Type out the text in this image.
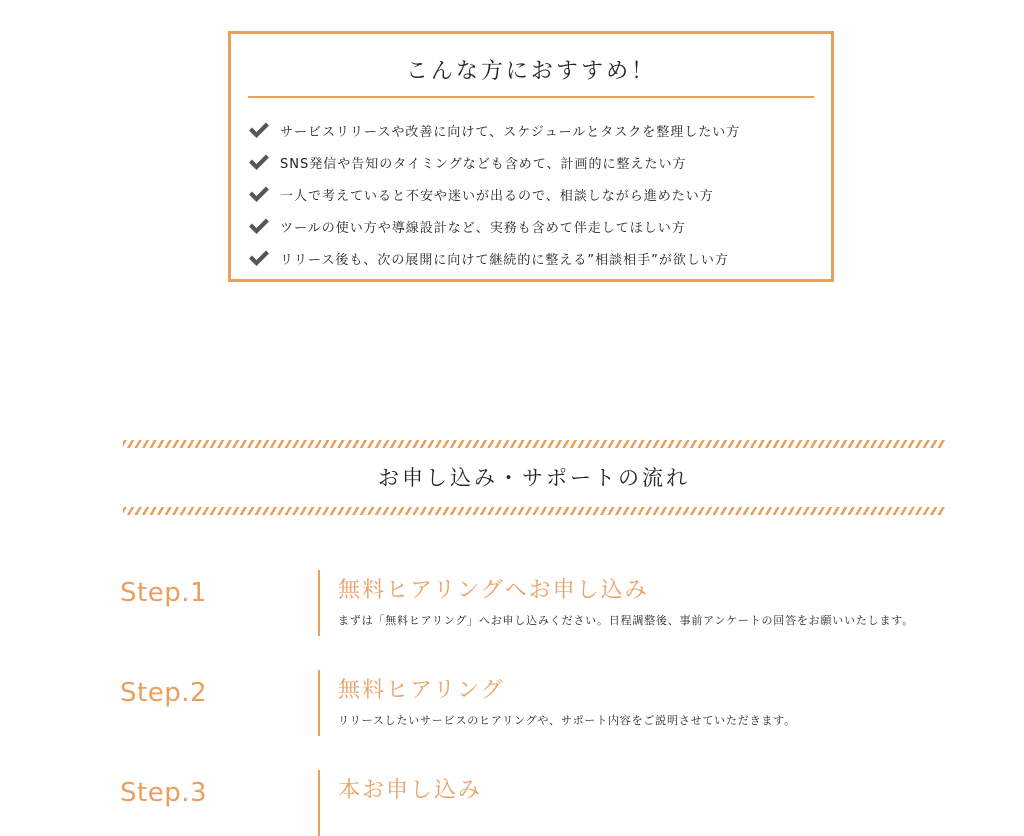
こんな方におすすめ！
サービスリリースや改善に向けて、スケジュールとタスクを整理したい方
SNS発信や告知のタイミングなども含めて、計画的に整えたい方
一人で考えていると不安や迷いが出るので、相談しながら進めたい方
ツールの使い方や導線設計など、実務も含めて伴走してほしい方
リリース後も、次の展開に向けて継続的に整える”相談相手”が欲しい方
お申し込み・サポートの流れ
Step.1	無料ヒアリングへお申し込み
まずは「無料ヒアリング」へお申し込みください。日程調整後、事前アンケートの回答をお願いいたします。
Step.2	無料ヒアリング
リリースしたいサービスのヒアリングや、サポート内容をご説明させていただきます。
Step.3	本お申し込み
